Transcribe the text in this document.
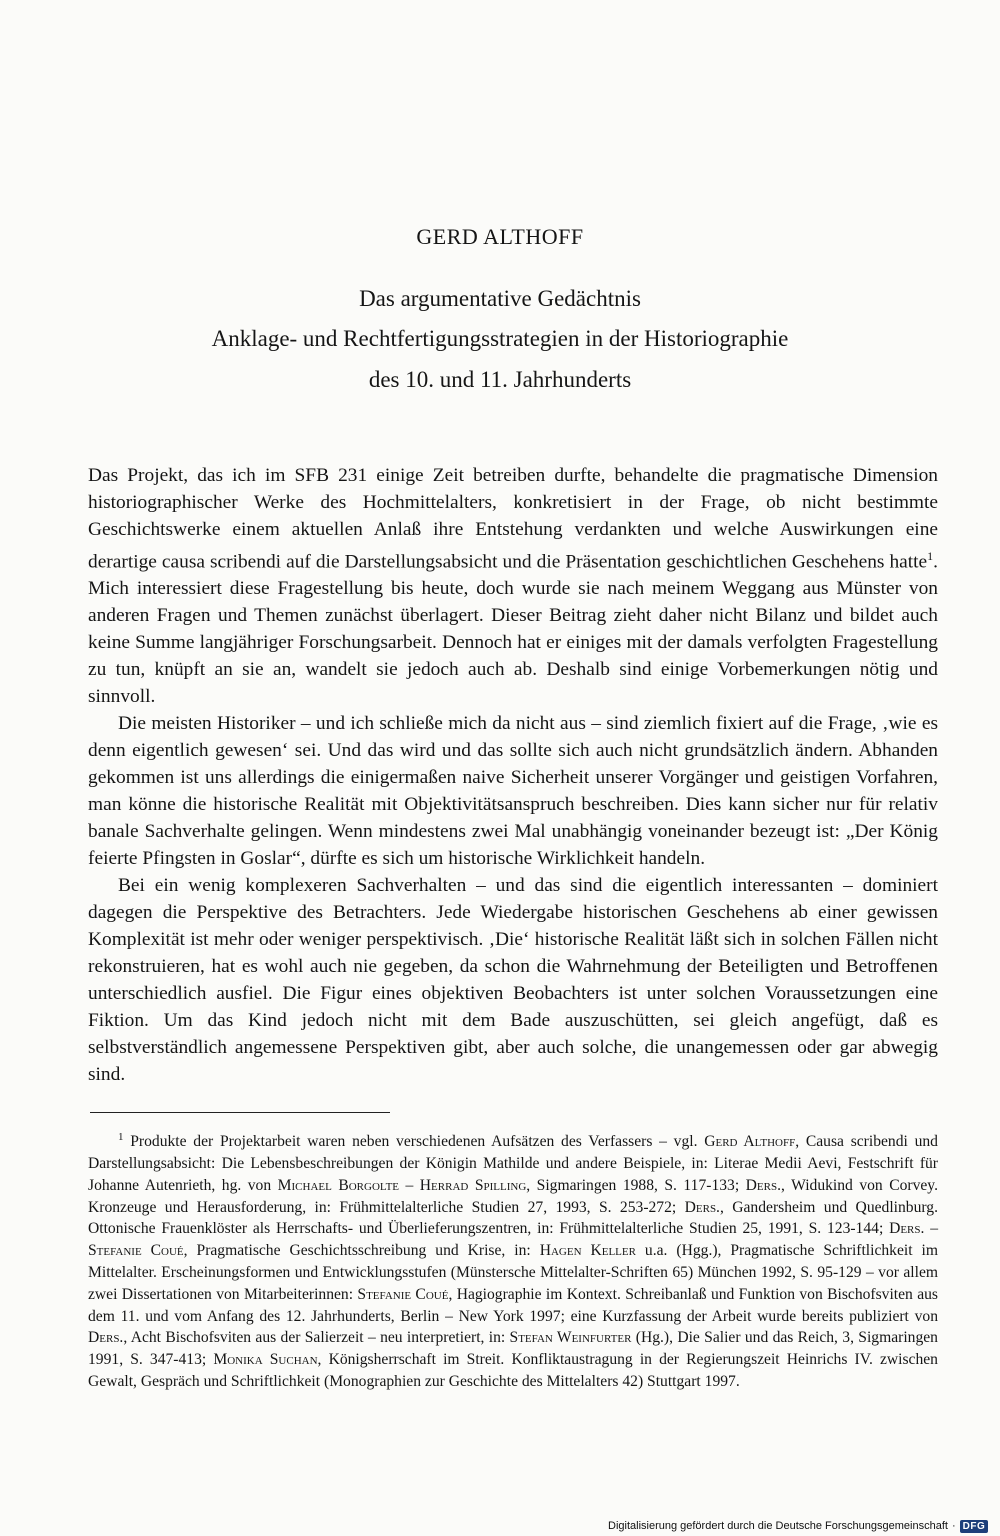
GERD ALTHOFF
Das argumentative Gedächtnis
Anklage- und Rechtfertigungsstrategien in der Historiographie
des 10. und 11. Jahrhunderts

Das Projekt, das ich im SFB 231 einige Zeit betreiben durfte, behandelte die pragmatische Dimension historiographischer Werke des Hochmittelalters, konkretisiert in der Frage, ob nicht bestimmte Geschichtswerke einem aktuellen Anlaß ihre Entstehung verdankten und welche Auswirkungen eine derartige causa scribendi auf die Darstellungsabsicht und die Präsentation geschichtlichen Geschehens hatte$^1$. Mich interessiert diese Fragestellung bis heute, doch wurde sie nach meinem Weggang aus Münster von anderen Fragen und Themen zunächst überlagert. Dieser Beitrag zieht daher nicht Bilanz und bildet auch keine Summe langjähriger Forschungsarbeit. Dennoch hat er einiges mit der damals verfolgten Fragestellung zu tun, knüpft an sie an, wandelt sie jedoch auch ab. Deshalb sind einige Vorbemerkungen nötig und sinnvoll.

Die meisten Historiker – und ich schließe mich da nicht aus – sind ziemlich fixiert auf die Frage, ‚wie es denn eigentlich gewesen‘ sei. Und das wird und das sollte sich auch nicht grundsätzlich ändern. Abhanden gekommen ist uns allerdings die einigermaßen naive Sicherheit unserer Vorgänger und geistigen Vorfahren, man könne die historische Realität mit Objektivitätsanspruch beschreiben. Dies kann sicher nur für relativ banale Sachverhalte gelingen. Wenn mindestens zwei Mal unabhängig voneinander bezeugt ist: „Der König feierte Pfingsten in Goslar“, dürfte es sich um historische Wirklichkeit handeln.

Bei ein wenig komplexeren Sachverhalten – und das sind die eigentlich interessanten – dominiert dagegen die Perspektive des Betrachters. Jede Wiedergabe historischen Geschehens ab einer gewissen Komplexität ist mehr oder weniger perspektivisch. ‚Die‘ historische Realität läßt sich in solchen Fällen nicht rekonstruieren, hat es wohl auch nie gegeben, da schon die Wahrnehmung der Beteiligten und Betroffenen unterschiedlich ausfiel. Die Figur eines objektiven Beobachters ist unter solchen Voraussetzungen eine Fiktion. Um das Kind jedoch nicht mit dem Bade auszuschütten, sei gleich angefügt, daß es selbstverständlich angemessene Perspektiven gibt, aber auch solche, die unangemessen oder gar abwegig sind.

$^1$ Produkte der Projektarbeit waren neben verschiedenen Aufsätzen des Verfassers – vgl. Gerd Althoff, Causa scribendi und Darstellungsabsicht: Die Lebensbeschreibungen der Königin Mathilde und andere Beispiele, in: Literae Medii Aevi, Festschrift für Johanne Autenrieth, hg. von Michael Borgolte – Herrad Spilling, Sigmaringen 1988, S. 117-133; Ders., Widukind von Corvey. Kronzeuge und Herausforderung, in: Frühmittelalterliche Studien 27, 1993, S. 253-272; Ders., Gandersheim und Quedlinburg. Ottonische Frauenklöster als Herrschafts- und Überlieferungszentren, in: Frühmittelalterliche Studien 25, 1991, S. 123-144; Ders. – Stefanie Coué, Pragmatische Geschichtsschreibung und Krise, in: Hagen Keller u.a. (Hgg.), Pragmatische Schriftlichkeit im Mittelalter. Erscheinungsformen und Entwicklungsstufen (Münstersche Mittelalter-Schriften 65) München 1992, S. 95-129 – vor allem zwei Dissertationen von Mitarbeiterinnen: Stefanie Coué, Hagiographie im Kontext. Schreibanlaß und Funktion von Bischofsviten aus dem 11. und vom Anfang des 12. Jahrhunderts, Berlin – New York 1997; eine Kurzfassung der Arbeit wurde bereits publiziert von Ders., Acht Bischofsviten aus der Salierzeit – neu interpretiert, in: Stefan Weinfurter (Hg.), Die Salier und das Reich, 3, Sigmaringen 1991, S. 347-413; Monika Suchan, Königsherrschaft im Streit. Konfliktaustragung in der Regierungszeit Heinrichs IV. zwischen Gewalt, Gespräch und Schriftlichkeit (Monographien zur Geschichte des Mittelalters 42) Stuttgart 1997.
Digitalisierung gefördert durch die Deutsche Forschungsgemeinschaft · DFG
